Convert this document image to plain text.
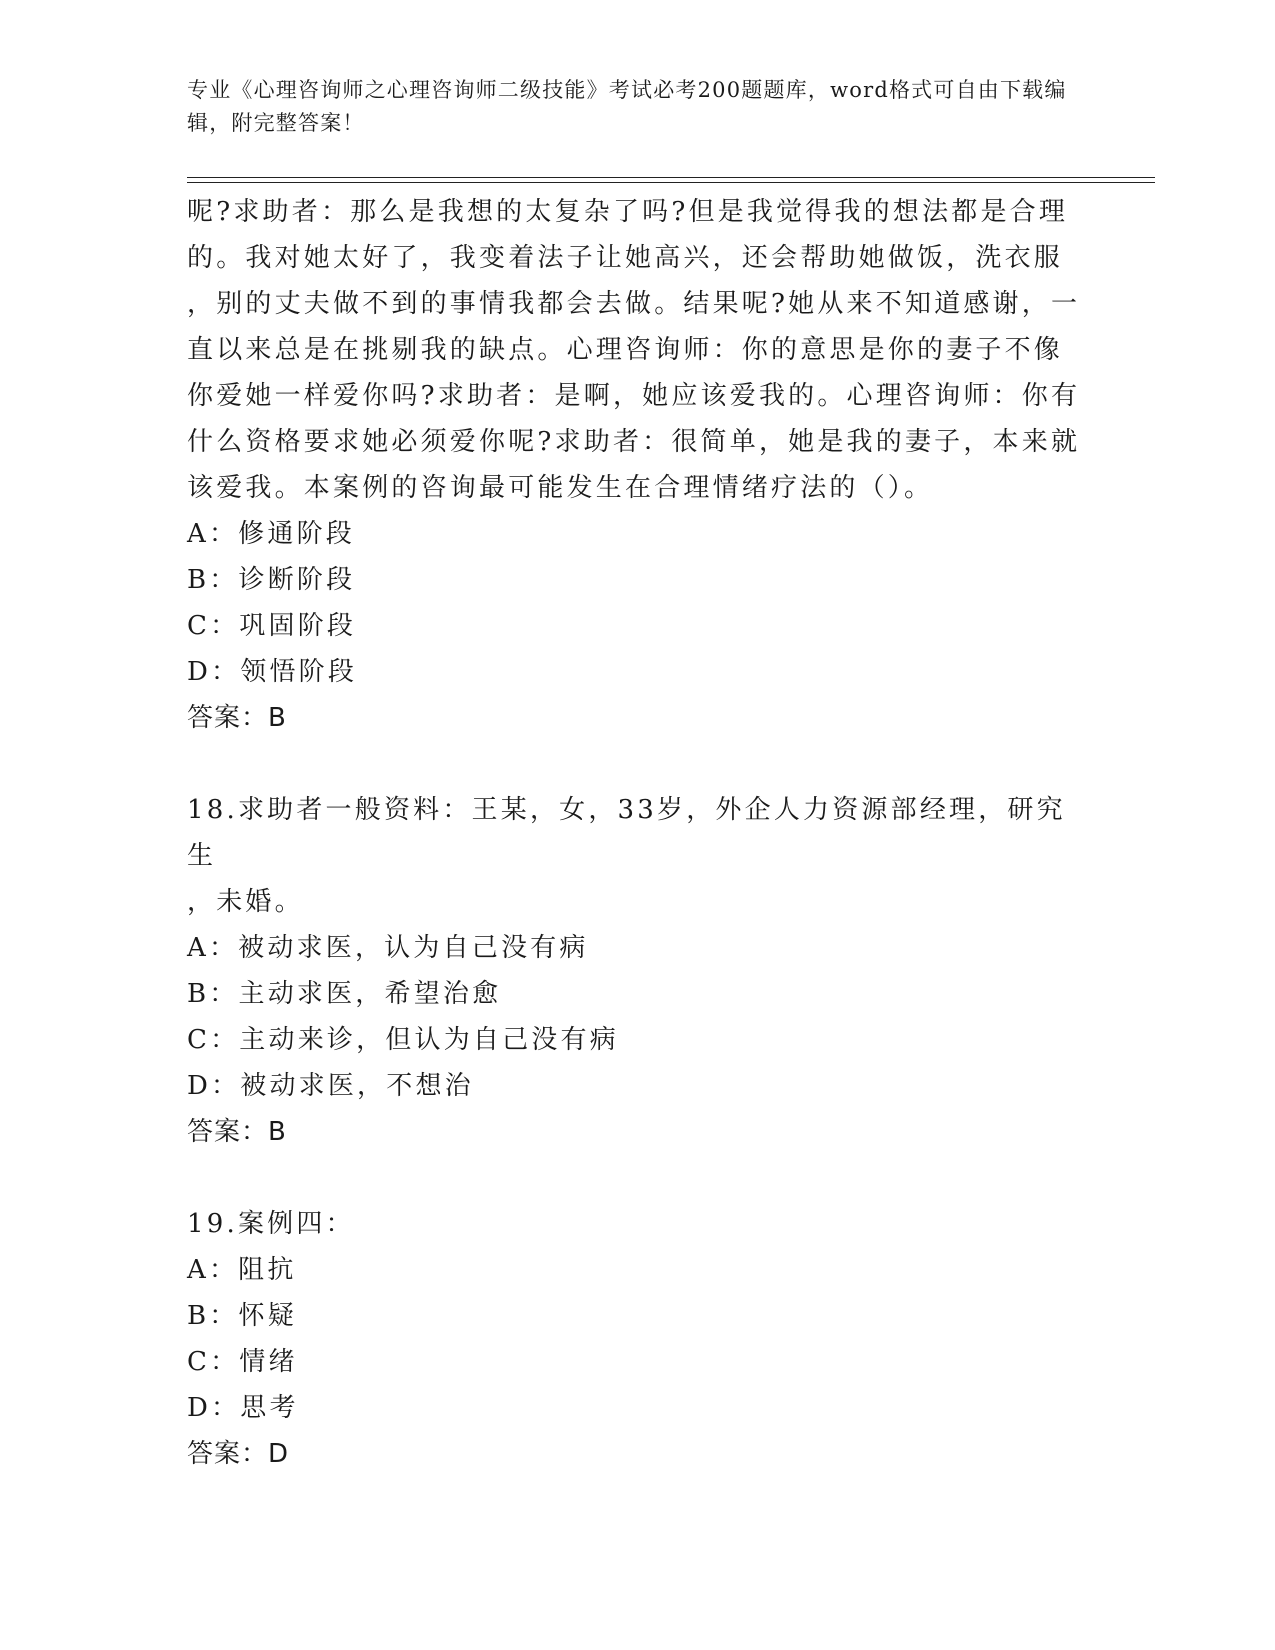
专业《心理咨询师之心理咨询师二级技能》考试必考200题题库，word格式可自由下载编辑，附完整答案！

呢?求助者：那么是我想的太复杂了吗?但是我觉得我的想法都是合理
的。我对她太好了，我变着法子让她高兴，还会帮助她做饭，洗衣服
，别的丈夫做不到的事情我都会去做。结果呢?她从来不知道感谢，一
直以来总是在挑剔我的缺点。心理咨询师：你的意思是你的妻子不像
你爱她一样爱你吗?求助者：是啊，她应该爱我的。心理咨询师：你有
什么资格要求她必须爱你呢?求助者：很简单，她是我的妻子，本来就
该爱我。本案例的咨询最可能发生在合理情绪疗法的（）。

A：修通阶段

B：诊断阶段

C：巩固阶段

D：领悟阶段

答案：B

18.求助者一般资料：王某，女，33岁，外企人力资源部经理，研究生
，未婚。

A：被动求医，认为自己没有病

B：主动求医，希望治愈

C：主动来诊，但认为自己没有病

D：被动求医，不想治

答案：B

19.案例四：

A：阻抗

B：怀疑

C：情绪

D：思考

答案：D
